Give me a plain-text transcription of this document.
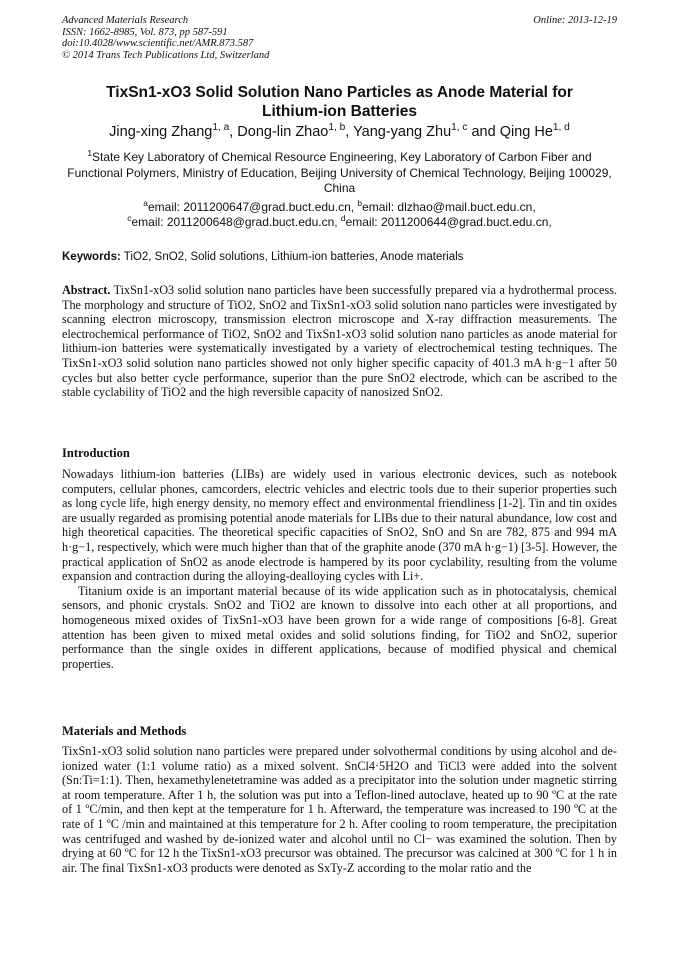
Advanced Materials Research
ISSN: 1662-8985, Vol. 873, pp 587-591
doi:10.4028/www.scientific.net/AMR.873.587
© 2014 Trans Tech Publications Ltd, Switzerland
Online: 2013-12-19
TixSn1-xO3 Solid Solution Nano Particles as Anode Material for
Lithium-ion Batteries
Jing-xing Zhang$^{1, a}$, Dong-lin Zhao$^{1, b}$, Yang-yang Zhu$^{1, c}$ and Qing He$^{1, d}$
$^1$State Key Laboratory of Chemical Resource Engineering, Key Laboratory of Carbon Fiber and Functional Polymers, Ministry of Education, Beijing University of Chemical Technology, Beijing 100029, China
$^a$email: 2011200647@grad.buct.edu.cn, $^b$email: dlzhao@mail.buct.edu.cn,
$^c$email: 2011200648@grad.buct.edu.cn, $^d$email: 2011200644@grad.buct.edu.cn,
Keywords: TiO2, SnO2, Solid solutions, Lithium-ion batteries, Anode materials
Abstract. TixSn1-xO3 solid solution nano particles have been successfully prepared via a hydrothermal process. The morphology and structure of TiO2, SnO2 and TixSn1-xO3 solid solution nano particles were investigated by scanning electron microscopy, transmission electron microscope and X-ray diffraction measurements. The electrochemical performance of TiO2, SnO2 and TixSn1-xO3 solid solution nano particles as anode material for lithium-ion batteries were systematically investigated by a variety of electrochemical testing techniques. The TixSn1-xO3 solid solution nano particles showed not only higher specific capacity of 401.3 mA h·g−1 after 50 cycles but also better cycle performance, superior than the pure SnO2 electrode, which can be ascribed to the stable cyclability of TiO2 and the high reversible capacity of nanosized SnO2.
Introduction

Nowadays lithium-ion batteries (LIBs) are widely used in various electronic devices, such as notebook computers, cellular phones, camcorders, electric vehicles and electric tools due to their superior properties such as long cycle life, high energy density, no memory effect and environmental friendliness [1-2]. Tin and tin oxides are usually regarded as promising potential anode materials for LIBs due to their natural abundance, low cost and high theoretical capacities. The theoretical specific capacities of SnO2, SnO and Sn are 782, 875 and 994 mA h·g−1, respectively, which were much higher than that of the graphite anode (370 mA h·g−1) [3-5]. However, the practical application of SnO2 as anode electrode is hampered by its poor cyclability, resulting from the volume expansion and contraction during the alloying-dealloying cycles with Li+.

Titanium oxide is an important material because of its wide application such as in photocatalysis, chemical sensors, and phonic crystals. SnO2 and TiO2 are known to dissolve into each other at all proportions, and homogeneous mixed oxides of TixSn1-xO3 have been grown for a wide range of compositions [6-8]. Great attention has been given to mixed metal oxides and solid solutions finding, for TiO2 and SnO2, superior performance than the single oxides in different applications, because of modified physical and chemical properties.

Materials and Methods

TixSn1-xO3 solid solution nano particles were prepared under solvothermal conditions by using alcohol and de-ionized water (1:1 volume ratio) as a mixed solvent. SnCl4·5H2O and TiCl3 were added into the solvent (Sn:Ti=1:1). Then, hexamethylenetetramine was added as a precipitator into the solution under magnetic stirring at room temperature. After 1 h, the solution was put into a Teflon-lined autoclave, heated up to 90 ºC at the rate of 1 ºC/min, and then kept at the temperature for 1 h. Afterward, the temperature was increased to 190 ºC at the rate of 1 ºC /min and maintained at this temperature for 2 h. After cooling to room temperature, the precipitation was centrifuged and washed by de-ionized water and alcohol until no Cl− was examined the solution. Then by drying at 60 ºC for 12 h the TixSn1-xO3 precursor was obtained. The precursor was calcined at 300 ºC for 1 h in air. The final TixSn1-xO3 products were denoted as SxTy-Z according to the molar ratio and the
